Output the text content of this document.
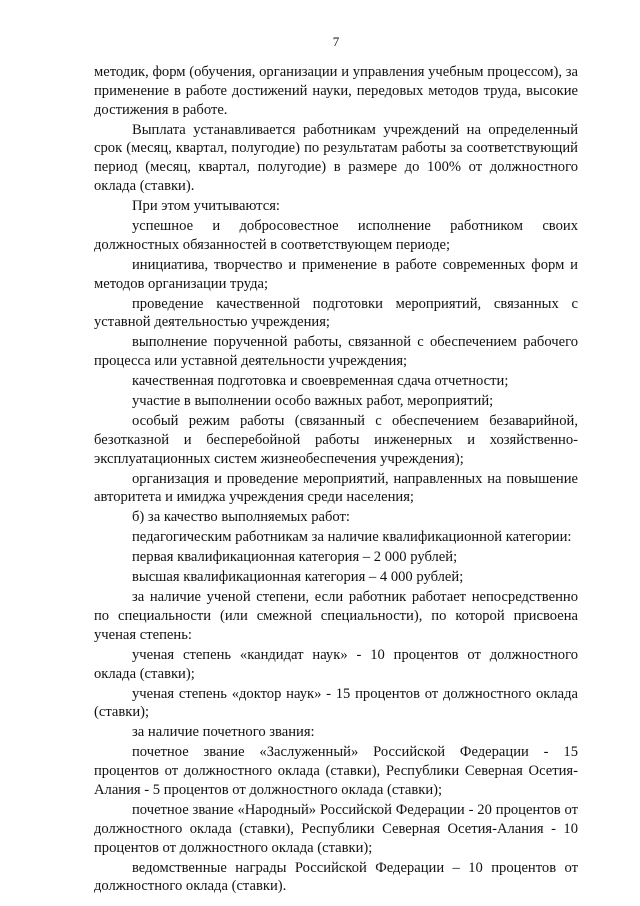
7

методик, форм (обучения, организации и управления учебным процессом), за применение в работе достижений науки, передовых методов труда, высокие достижения в работе.

Выплата устанавливается работникам учреждений на определенный срок (месяц, квартал, полугодие) по результатам работы за соответствующий период (месяц, квартал, полугодие) в размере до 100% от должностного оклада (ставки).

При этом учитываются:

успешное и добросовестное исполнение работником своих должностных обязанностей в соответствующем периоде;

инициатива, творчество и применение в работе современных форм и методов организации труда;

проведение качественной подготовки мероприятий, связанных с уставной деятельностью учреждения;

выполнение порученной работы, связанной с обеспечением рабочего процесса или уставной деятельности учреждения;

качественная подготовка и своевременная сдача отчетности;

участие в выполнении особо важных работ, мероприятий;

особый режим работы (связанный с обеспечением безаварийной, безотказной и бесперебойной работы инженерных и хозяйственно-эксплуатационных систем жизнеобеспечения учреждения);

организация и проведение мероприятий, направленных на повышение авторитета и имиджа учреждения среди населения;

б) за качество выполняемых работ:

педагогическим работникам за наличие квалификационной категории:

первая квалификационная категория – 2 000 рублей;

высшая квалификационная категория – 4 000 рублей;

за наличие ученой степени, если работник работает непосредственно по специальности (или смежной специальности), по которой присвоена ученая степень:

ученая степень «кандидат наук» - 10 процентов от должностного оклада (ставки);

ученая степень «доктор наук» - 15 процентов от должностного оклада (ставки);

за наличие почетного звания:

почетное звание «Заслуженный» Российской Федерации - 15 процентов от должностного оклада (ставки), Республики Северная Осетия-Алания - 5 процентов от должностного оклада (ставки);

почетное звание «Народный» Российской Федерации - 20 процентов от должностного оклада (ставки), Республики Северная Осетия-Алания - 10 процентов от должностного оклада (ставки);

ведомственные награды Российской Федерации – 10 процентов от должностного оклада (ставки).
